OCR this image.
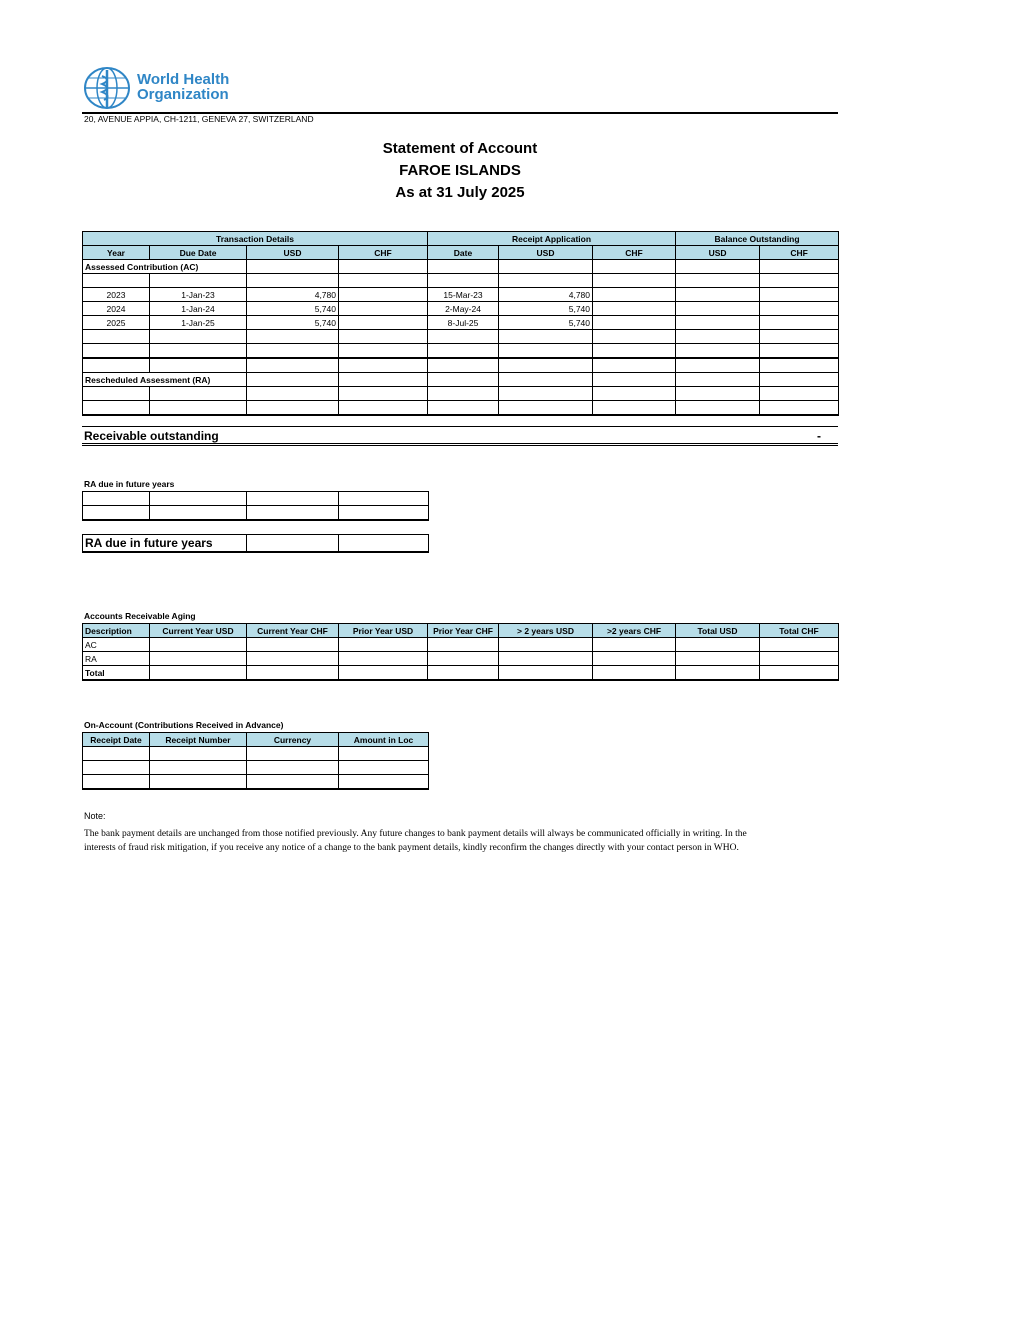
World Health
Organization
20, AVENUE APPIA, CH-1211, GENEVA 27, SWITZERLAND
Statement of Account
FAROE ISLANDS
As at 31 July 2025
Transaction Details				Receipt Application			Balance Outstanding	
Year	Due Date	USD	CHF	Date	USD	CHF	USD	CHF
Assessed Contribution (AC)								

2023	1-Jan-23	4,780		15-Mar-23	4,780			
2024	1-Jan-24	5,740		2-May-24	5,740			
2025	1-Jan-25	5,740		8-Jul-25	5,740			

Rescheduled Assessment (RA)								

Receivable outstanding	-
RA due in future years

RA due in future years		
Accounts Receivable Aging
Description	Current Year USD	Current Year CHF	Prior Year USD	Prior Year CHF	> 2 years USD	>2 years CHF	Total USD	Total CHF
AC								
RA								
Total								
On-Account (Contributions Received in Advance)
Receipt Date	Receipt Number	Currency	Amount in Loc

Note:
The bank payment details are unchanged from those notified previously. Any future changes to bank payment details will always be communicated officially in writing. In the
interests of fraud risk mitigation, if you receive any notice of a change to the bank payment details, kindly reconfirm the changes directly with your contact person in WHO.
